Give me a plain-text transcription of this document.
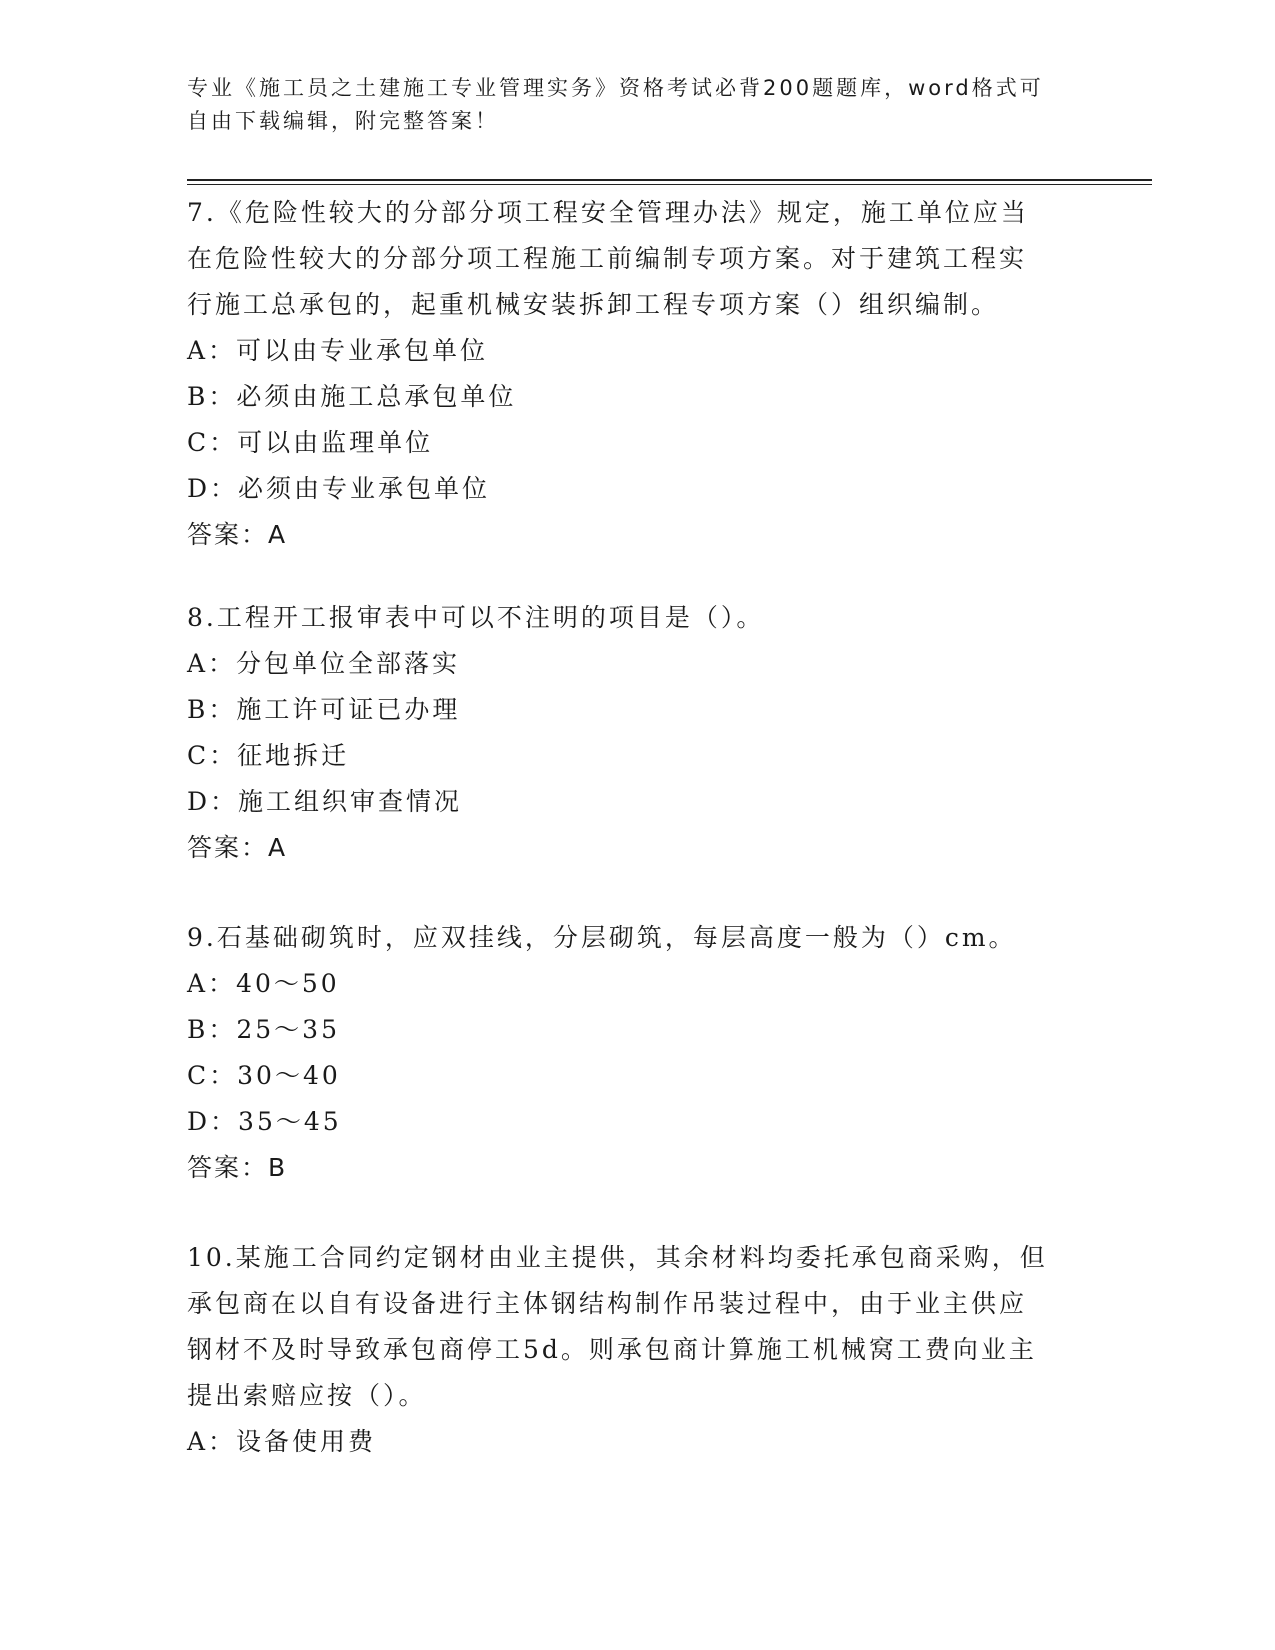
专业《施工员之土建施工专业管理实务》资格考试必背200题题库，word格式可
自由下载编辑，附完整答案！
7.《危险性较大的分部分项工程安全管理办法》规定，施工单位应当
在危险性较大的分部分项工程施工前编制专项方案。对于建筑工程实
行施工总承包的，起重机械安装拆卸工程专项方案（）组织编制。
A：可以由专业承包单位
B：必须由施工总承包单位
C：可以由监理单位
D：必须由专业承包单位
答案：A
8.工程开工报审表中可以不注明的项目是（）。
A：分包单位全部落实
B：施工许可证已办理
C：征地拆迁
D：施工组织审查情况
答案：A
9.石基础砌筑时，应双挂线，分层砌筑，每层高度一般为（）cm。
A：40～50
B：25～35
C：30～40
D：35～45
答案：B
10.某施工合同约定钢材由业主提供，其余材料均委托承包商采购，但
承包商在以自有设备进行主体钢结构制作吊装过程中，由于业主供应
钢材不及时导致承包商停工5d。则承包商计算施工机械窝工费向业主
提出索赔应按（）。
A：设备使用费
